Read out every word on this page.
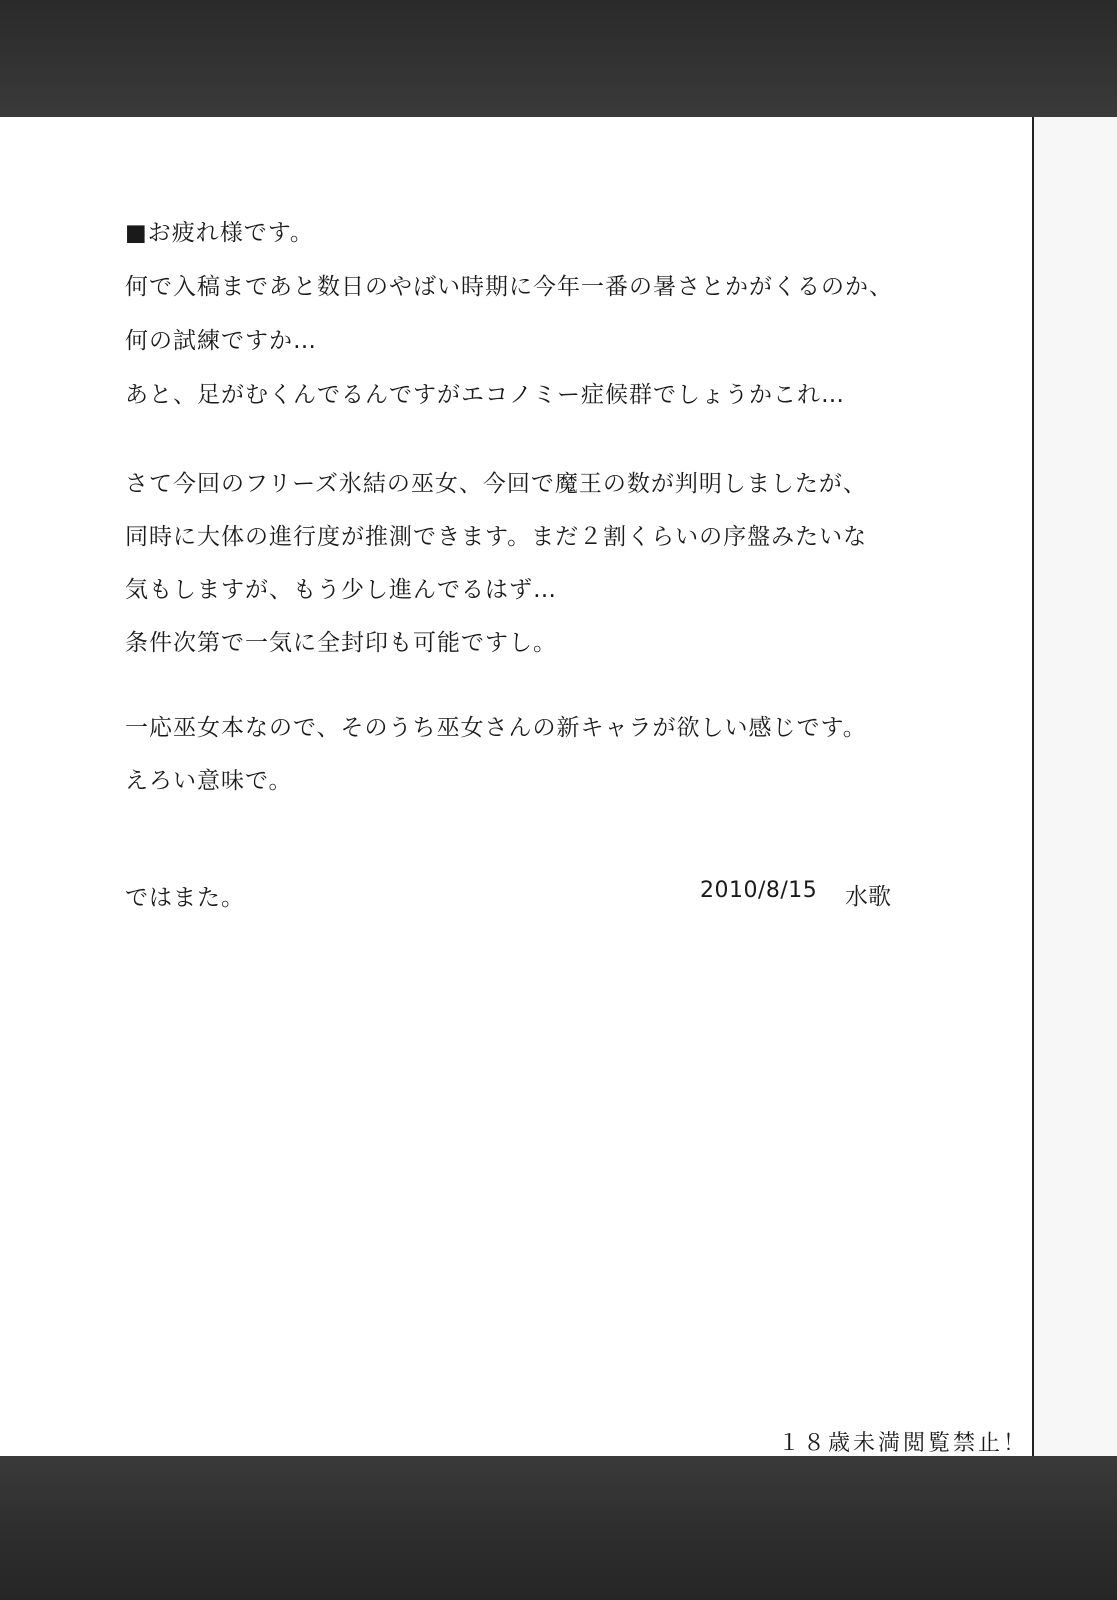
■お疲れ様です。
何で入稿まであと数日のやばい時期に今年一番の暑さとかがくるのか、
何の試練ですか…
あと、足がむくんでるんですがエコノミー症候群でしょうかこれ…
さて今回のフリーズ氷結の巫女、今回で魔王の数が判明しましたが、
同時に大体の進行度が推測できます。まだ２割くらいの序盤みたいな
気もしますが、もう少し進んでるはず…
条件次第で一気に全封印も可能ですし。
一応巫女本なので、そのうち巫女さんの新キャラが欲しい感じです。
えろい意味で。
ではまた。	2010/8/15 水歌
１８歳未満閲覧禁止！
